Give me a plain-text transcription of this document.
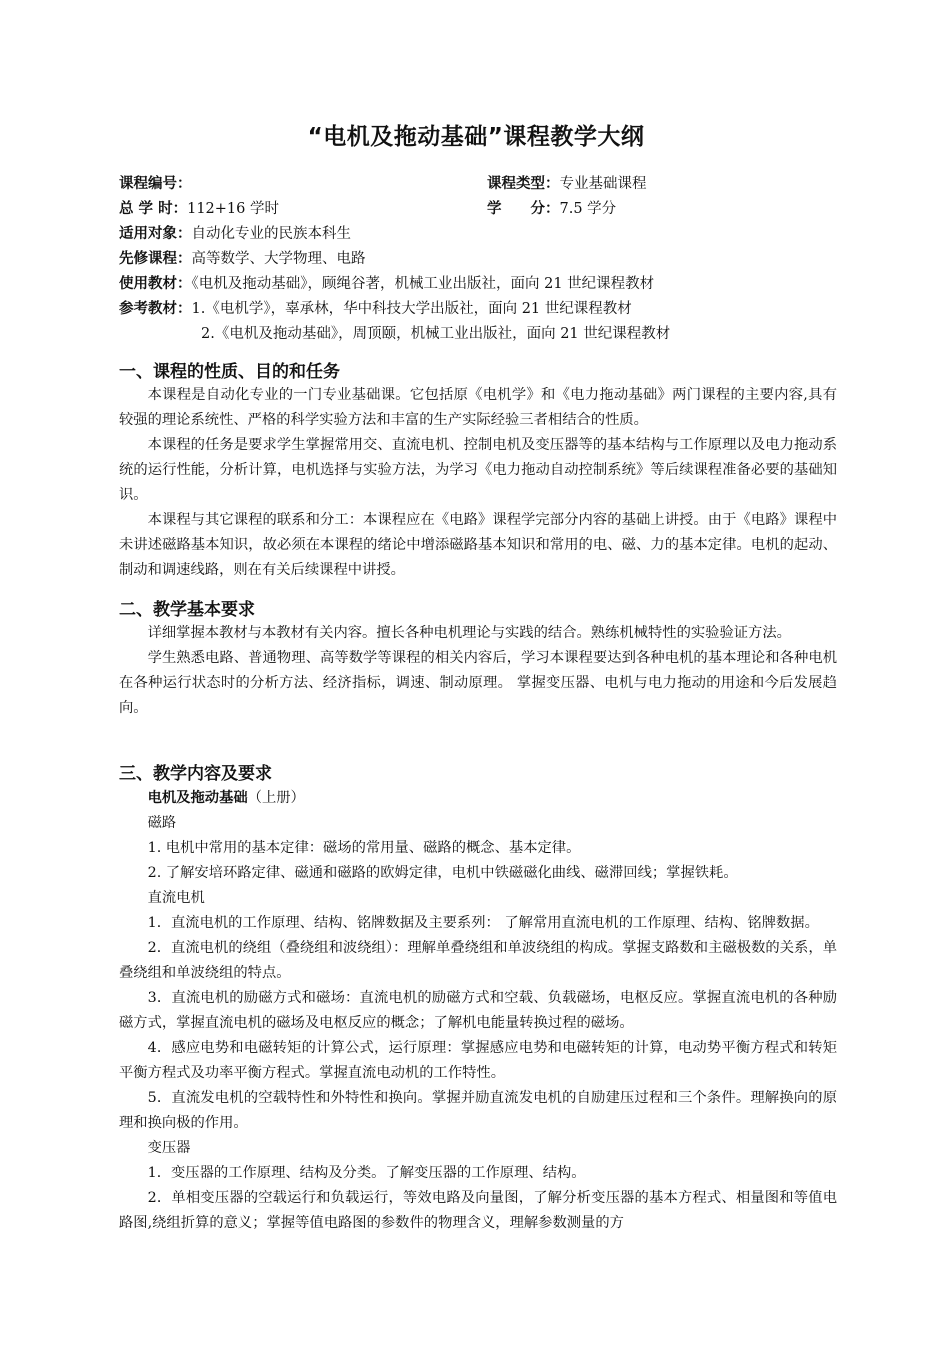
“电机及拖动基础”课程教学大纲
课程编号：	课程类型：专业基础课程
总 学 时：112+16 学时	学　　分：7.5 学分
适用对象：自动化专业的民族本科生
先修课程：高等数学、大学物理、电路
使用教材：《电机及拖动基础》，顾绳谷著，机械工业出版社，面向 21 世纪课程教材
参考教材：1.《电机学》，辜承林，华中科技大学出版社，面向 21 世纪课程教材
2.《电机及拖动基础》，周顶颐，机械工业出版社，面向 21 世纪课程教材
一、课程的性质、目的和任务

本课程是自动化专业的一门专业基础课。它包括原《电机学》和《电力拖动基础》两门课程的主要内容,具有较强的理论系统性、严格的科学实验方法和丰富的生产实际经验三者相结合的性质。

本课程的任务是要求学生掌握常用交、直流电机、控制电机及变压器等的基本结构与工作原理以及电力拖动系统的运行性能，分析计算，电机选择与实验方法，为学习《电力拖动自动控制系统》等后续课程准备必要的基础知识。

本课程与其它课程的联系和分工：本课程应在《电路》课程学完部分内容的基础上讲授。由于《电路》课程中未讲述磁路基本知识，故必须在本课程的绪论中增添磁路基本知识和常用的电、磁、力的基本定律。电机的起动、制动和调速线路，则在有关后续课程中讲授。

二、教学基本要求

详细掌握本教材与本教材有关内容。擅长各种电机理论与实践的结合。熟练机械特性的实验验证方法。

学生熟悉电路、普通物理、高等数学等课程的相关内容后，学习本课程要达到各种电机的基本理论和各种电机在各种运行状态时的分析方法、经济指标，调速、制动原理。 掌握变压器、电机与电力拖动的用途和今后发展趋向。

三、教学内容及要求

电机及拖动基础（上册）

磁路

1. 电机中常用的基本定律：磁场的常用量、磁路的概念、基本定律。

2. 了解安培环路定律、磁通和磁路的欧姆定律，电机中铁磁磁化曲线、磁滞回线；掌握铁耗。

直流电机

1．直流电机的工作原理、结构、铭牌数据及主要系列： 了解常用直流电机的工作原理、结构、铭牌数据。

2．直流电机的绕组（叠绕组和波绕组）：理解单叠绕组和单波绕组的构成。掌握支路数和主磁极数的关系，单叠绕组和单波绕组的特点。

3．直流电机的励磁方式和磁场：直流电机的励磁方式和空载、负载磁场，电枢反应。掌握直流电机的各种励磁方式，掌握直流电机的磁场及电枢反应的概念；了解机电能量转换过程的磁场。

4．感应电势和电磁转矩的计算公式，运行原理：掌握感应电势和电磁转矩的计算，电动势平衡方程式和转矩平衡方程式及功率平衡方程式。掌握直流电动机的工作特性。

5．直流发电机的空载特性和外特性和换向。掌握并励直流发电机的自励建压过程和三个条件。理解换向的原理和换向极的作用。

变压器

1．变压器的工作原理、结构及分类。了解变压器的工作原理、结构。

2．单相变压器的空载运行和负载运行，等效电路及向量图，了解分析变压器的基本方程式、相量图和等值电路图,绕组折算的意义；掌握等值电路图的参数件的物理含义，理解参数测量的方
